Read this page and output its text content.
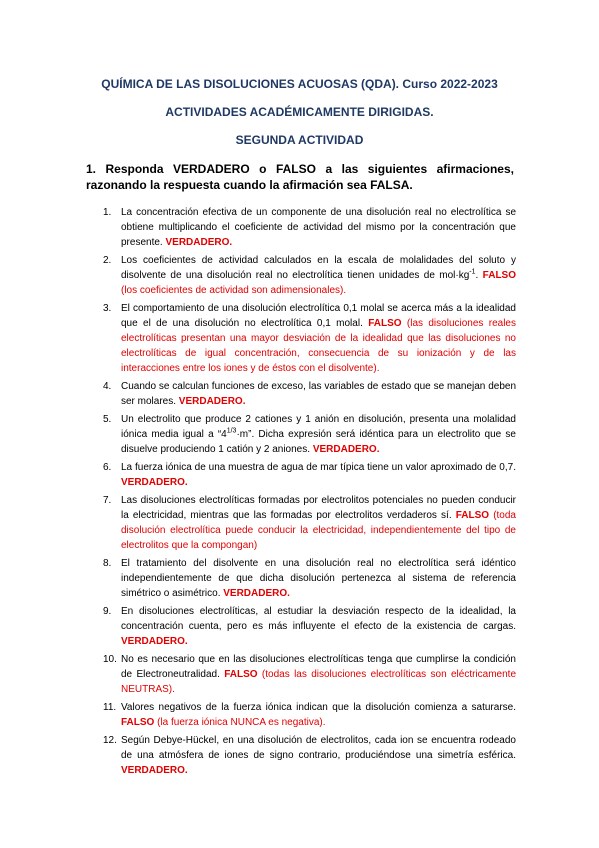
QUÍMICA DE LAS DISOLUCIONES ACUOSAS (QDA). Curso 2022-2023
ACTIVIDADES ACADÉMICAMENTE DIRIGIDAS.
SEGUNDA ACTIVIDAD
1. Responda VERDADERO o FALSO a las siguientes afirmaciones, razonando la respuesta cuando la afirmación sea FALSA.
1. La concentración efectiva de un componente de una disolución real no electrolítica se obtiene multiplicando el coeficiente de actividad del mismo por la concentración que presente. VERDADERO.
2. Los coeficientes de actividad calculados en la escala de molalidades del soluto y disolvente de una disolución real no electrolítica tienen unidades de $mol\cdot kg^{-1}$. FALSO (los coeficientes de actividad son adimensionales).
3. El comportamiento de una disolución electrolítica 0,1 molal se acerca más a la idealidad que el de una disolución no electrolítica 0,1 molal. FALSO (las disoluciones reales electrolíticas presentan una mayor desviación de la idealidad que las disoluciones no electrolíticas de igual concentración, consecuencia de su ionización y de las interacciones entre los iones y de éstos con el disolvente).
4. Cuando se calculan funciones de exceso, las variables de estado que se manejan deben ser molares. VERDADERO.
5. Un electrolito que produce 2 cationes y 1 anión en disolución, presenta una molalidad iónica media igual a “$4^{1/3}\cdot m$”. Dicha expresión será idéntica para un electrolito que se disuelve produciendo 1 catión y 2 aniones. VERDADERO.
6. La fuerza iónica de una muestra de agua de mar típica tiene un valor aproximado de 0,7. VERDADERO.
7. Las disoluciones electrolíticas formadas por electrolitos potenciales no pueden conducir la electricidad, mientras que las formadas por electrolitos verdaderos sí. FALSO (toda disolución electrolítica puede conducir la electricidad, independientemente del tipo de electrolitos que la compongan)
8. El tratamiento del disolvente en una disolución real no electrolítica será idéntico independientemente de que dicha disolución pertenezca al sistema de referencia simétrico o asimétrico. VERDADERO.
9. En disoluciones electrolíticas, al estudiar la desviación respecto de la idealidad, la concentración cuenta, pero es más influyente el efecto de la existencia de cargas. VERDADERO.
10. No es necesario que en las disoluciones electrolíticas tenga que cumplirse la condición de Electroneutralidad. FALSO (todas las disoluciones electrolíticas son eléctricamente NEUTRAS).
11. Valores negativos de la fuerza iónica indican que la disolución comienza a saturarse. FALSO (la fuerza iónica NUNCA es negativa).
12. Según Debye-Hückel, en una disolución de electrolitos, cada ion se encuentra rodeado de una atmósfera de iones de signo contrario, produciéndose una simetría esférica. VERDADERO.
